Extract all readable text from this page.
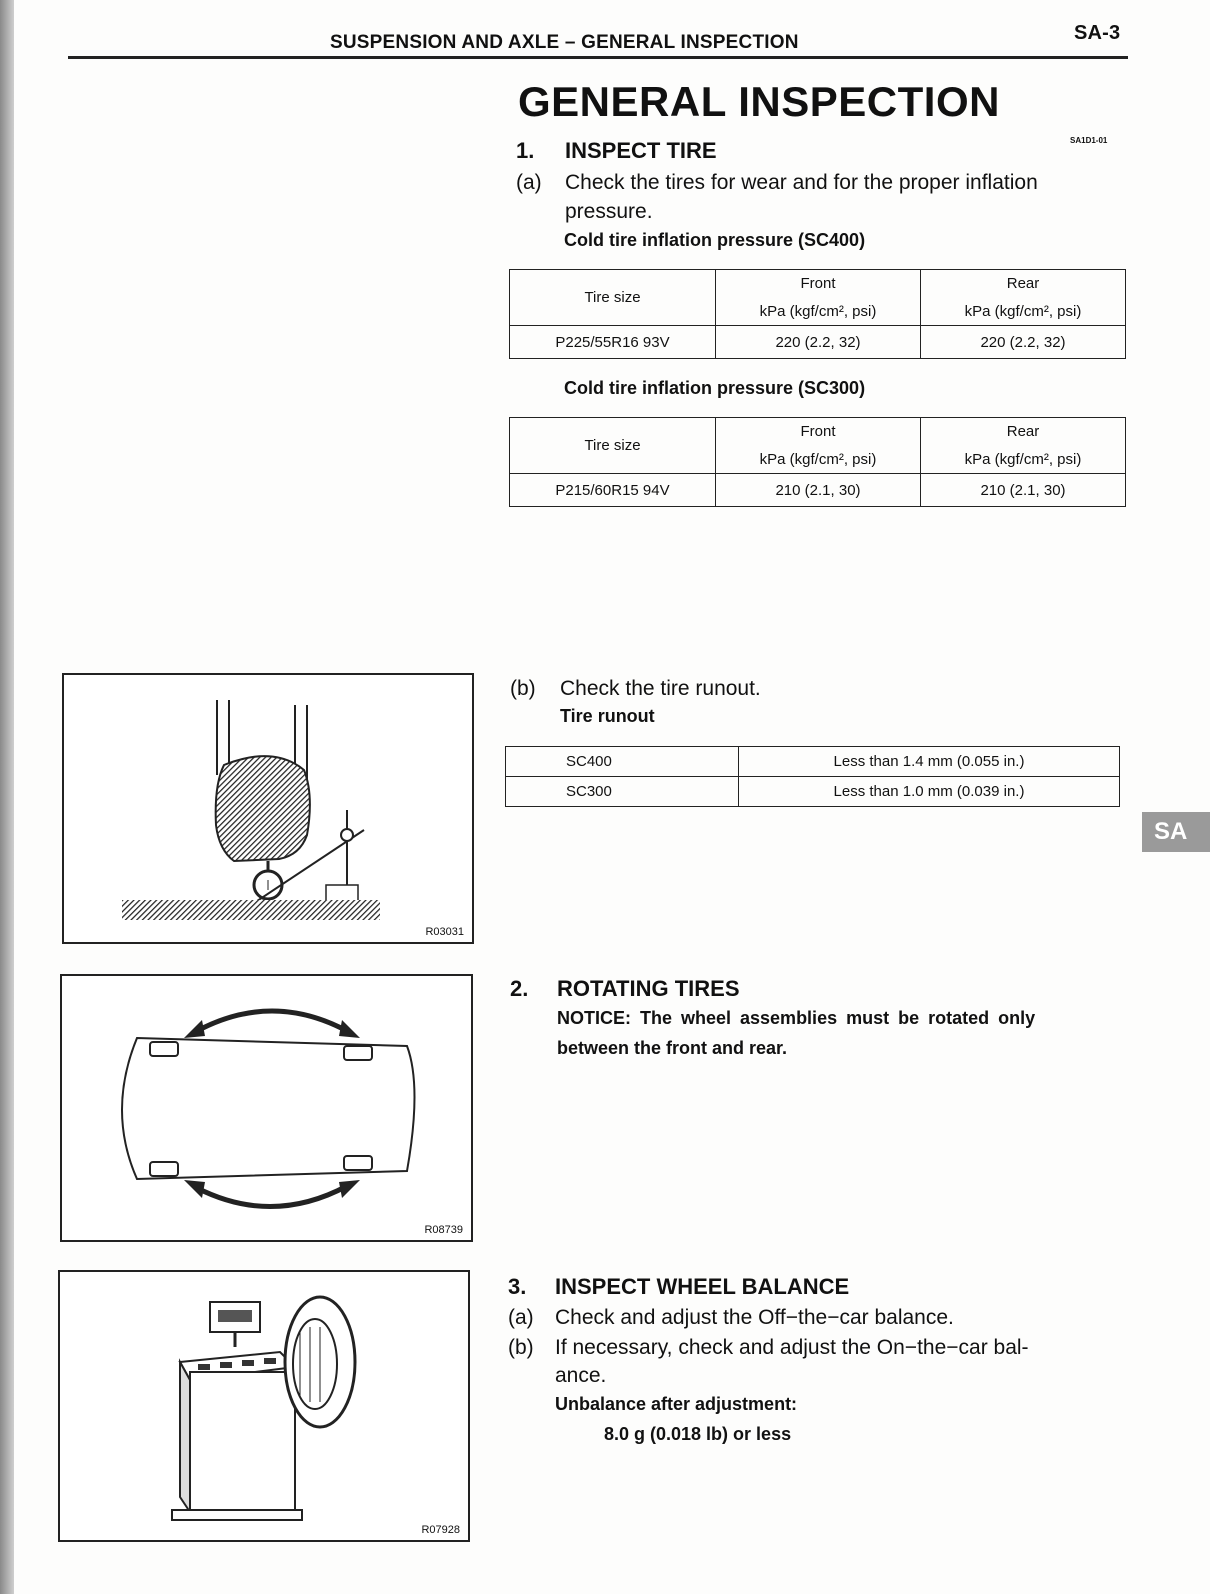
SUSPENSION AND AXLE – GENERAL INSPECTION	SA-3
GENERAL INSPECTION
SA1D1-01
1. INSPECT TIRE
(a) Check the tires for wear and for the proper inflation
pressure.
Cold tire inflation pressure (SC400)
Tire size	Front	Rear
	kPa (kgf/cm², psi)	kPa (kgf/cm², psi)
P225/55R16 93V	220 (2.2, 32)	220 (2.2, 32)
Cold tire inflation pressure (SC300)
Tire size	Front	Rear
	kPa (kgf/cm², psi)	kPa (kgf/cm², psi)
P215/60R15 94V	210 (2.1, 30)	210 (2.1, 30)
R03031
(b) Check the tire runout.
Tire runout
SC400	Less than 1.4 mm (0.055 in.)
SC300	Less than 1.0 mm (0.039 in.)
R08739
2. ROTATING TIRES
NOTICE: The wheel assemblies must be rotated only
between the front and rear.
R07928
3. INSPECT WHEEL BALANCE
(a) Check and adjust the Off−the−car balance.
(b) If necessary, check and adjust the On−the−car bal-
ance.
Unbalance after adjustment:
8.0 g (0.018 lb) or less
SA
